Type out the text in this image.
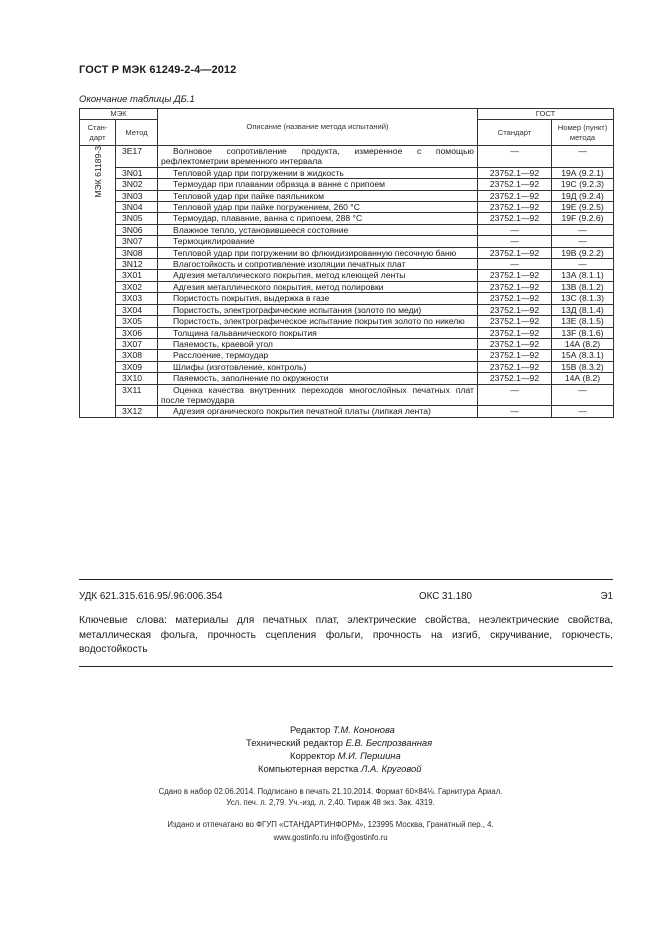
ГОСТ Р МЭК 61249-2-4—2012
Окончание таблицы ДБ.1
МЭК		Описание (название метода испытаний)	ГОСТ	
Стан-дарт	Метод		Стандарт	Номер (пункт) метода
МЭК 61189-3	3E17	Волновое сопротивление продукта, измеренное с помощью рефлектометрии временного интервала	—	—
	3N01	Тепловой удар при погружении в жидкость	23752.1—92	19А (9.2.1)
	3N02	Термоудар при плавании образца в ванне с припоем	23752.1—92	19С (9.2.3)
	3N03	Тепловой удар при пайке паяльником	23752.1—92	19Д (9.2.4)
	3N04	Тепловой удар при пайке погружением, 260 °С	23752.1—92	19Е (9.2.5)
	3N05	Термоудар, плавание, ванна с припоем, 288 °С	23752.1—92	19F (9.2.6)
	3N06	Влажное тепло, установившееся состояние	—	—
	3N07	Термоциклирование	—	—
	3N08	Тепловой удар при погружении во флюидизированную песочную баню	23752.1—92	19В (9.2.2)
	3N12	Влагостойкость и сопротивление изоляции печатных плат	—	—
	3X01	Адгезия металлического покрытия, метод клеющей ленты	23752.1—92	13А (8.1.1)
	3X02	Адгезия металлического покрытия, метод полировки	23752.1—92	13В (8.1.2)
	3X03	Пористость покрытия, выдержка в газе	23752.1—92	13С (8.1.3)
	3X04	Пористость, электрографические испытания (золото по меди)	23752.1—92	13Д (8.1.4)
	3X05	Пористость, электрографическое испытание покрытия золото по никелю	23752.1—92	13Е (8.1.5)
	3X06	Толщина гальванического покрытия	23752.1—92	13F (8.1.6)
	3X07	Паяемость, краевой угол	23752.1—92	14А (8.2)
	3X08	Расслоение, термоудар	23752.1—92	15А (8.3.1)
	3X09	Шлифы (изготовление, контроль)	23752.1—92	15В (8.3.2)
	3X10	Паяемость, заполнение по окружности	23752.1—92	14А (8.2)
	3X11	Оценка качества внутренних переходов многослойных печатных плат после термоудара	—	—
	3X12	Адгезия органического покрытия печатной платы (липкая лента)	—	—
УДК 621.315.616.95/.96:006.354	ОКС 31.180	Э1
Ключевые слова: материалы для печатных плат, электрические свойства, неэлектрические свойства, металлическая фольга, прочность сцепления фольги, прочность на изгиб, скручивание, горючесть, водостойкость
Редактор Т.М. Кононова
Технический редактор Е.В. Беспрозванная
Корректор М.И. Першина
Компьютерная верстка Л.А. Круговой
Сдано в набор 02.06.2014. Подписано в печать 21.10.2014. Формат 60×84⅛. Гарнитура Ариал.
Усл. печ. л. 2,79. Уч.-изд. л. 2,40. Тираж 48 экз. Зак. 4319.
Издано и отпечатано во ФГУП «СТАНДАРТИНФОРМ», 123995 Москва, Гранатный пер., 4.
www.gostinfo.ru info@gostinfo.ru
